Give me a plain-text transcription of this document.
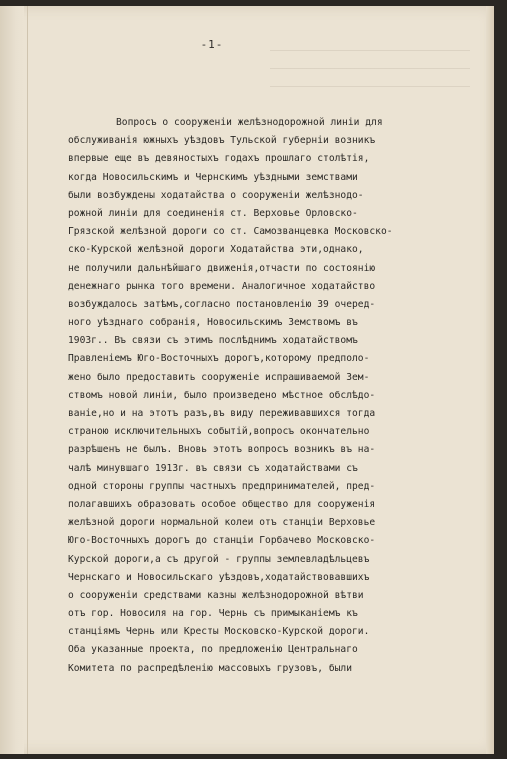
-1-
Вопросъ о сооруженіи желѣзнодорожной линіи для
обслуживанія южныхъ уѣздовъ Тульской губерніи возникъ
впервые еще въ девяностыхъ годахъ прошлаго столѣтія,
когда Новосильскимъ и Чернскимъ уѣздными земствами
были возбуждены ходатайства о сооруженіи желѣзнодо-
рожной линіи для соединенія ст. Верховье Орловско-
Грязской желѣзной дороги со ст. Самозванцевка Московско-
ско-Курской желѣзной дороги Ходатайства эти,однако,
не получили дальнѣйшаго движенія,отчасти по состоянію
денежнаго рынка того времени. Аналогичное ходатайство
возбуждалось затѣмъ,согласно постановленію 39 очеред-
ного уѣзднаго собранія, Новосильскимъ Земствомъ въ
1903г.. Въ связи съ этимъ послѣднимъ ходатайствомъ
Правленіемъ Юго-Восточныхъ дорогъ,которому предполо-
жено было предоставить сооруженіе испрашиваемой Зем-
ствомъ новой линіи, было произведено мѣстное обслѣдо-
ваніе,но и на этотъ разъ,въ виду переживавшихся тогда
страною исключительныхъ событій,вопросъ окончательно
разрѣшенъ не былъ. Вновь этотъ вопросъ возникъ въ на-
чалѣ минувшаго 1913г. въ связи съ ходатайствами съ
одной стороны группы частныхъ предпринимателей, пред-
полагавшихъ образовать особое общество для сооруженія
желѣзной дороги нормальной колеи отъ станціи Верховье
Юго-Восточныхъ дорогъ до станціи Горбачево Московско-
Курской дороги,а съ другой - группы землевладѣльцевъ
Чернскаго и Новосильскаго уѣздовъ,ходатайствовавшихъ
о сооруженіи средствами казны желѣзнодорожной вѣтви
отъ гор. Новосиля на гор. Чернь съ примыканіемъ къ
станціямъ Чернь или Кресты Московско-Курской дороги.
Оба указанные проекта, по предложенію Центральнаго
Комитета по распредѣленію массовыхъ грузовъ, были
